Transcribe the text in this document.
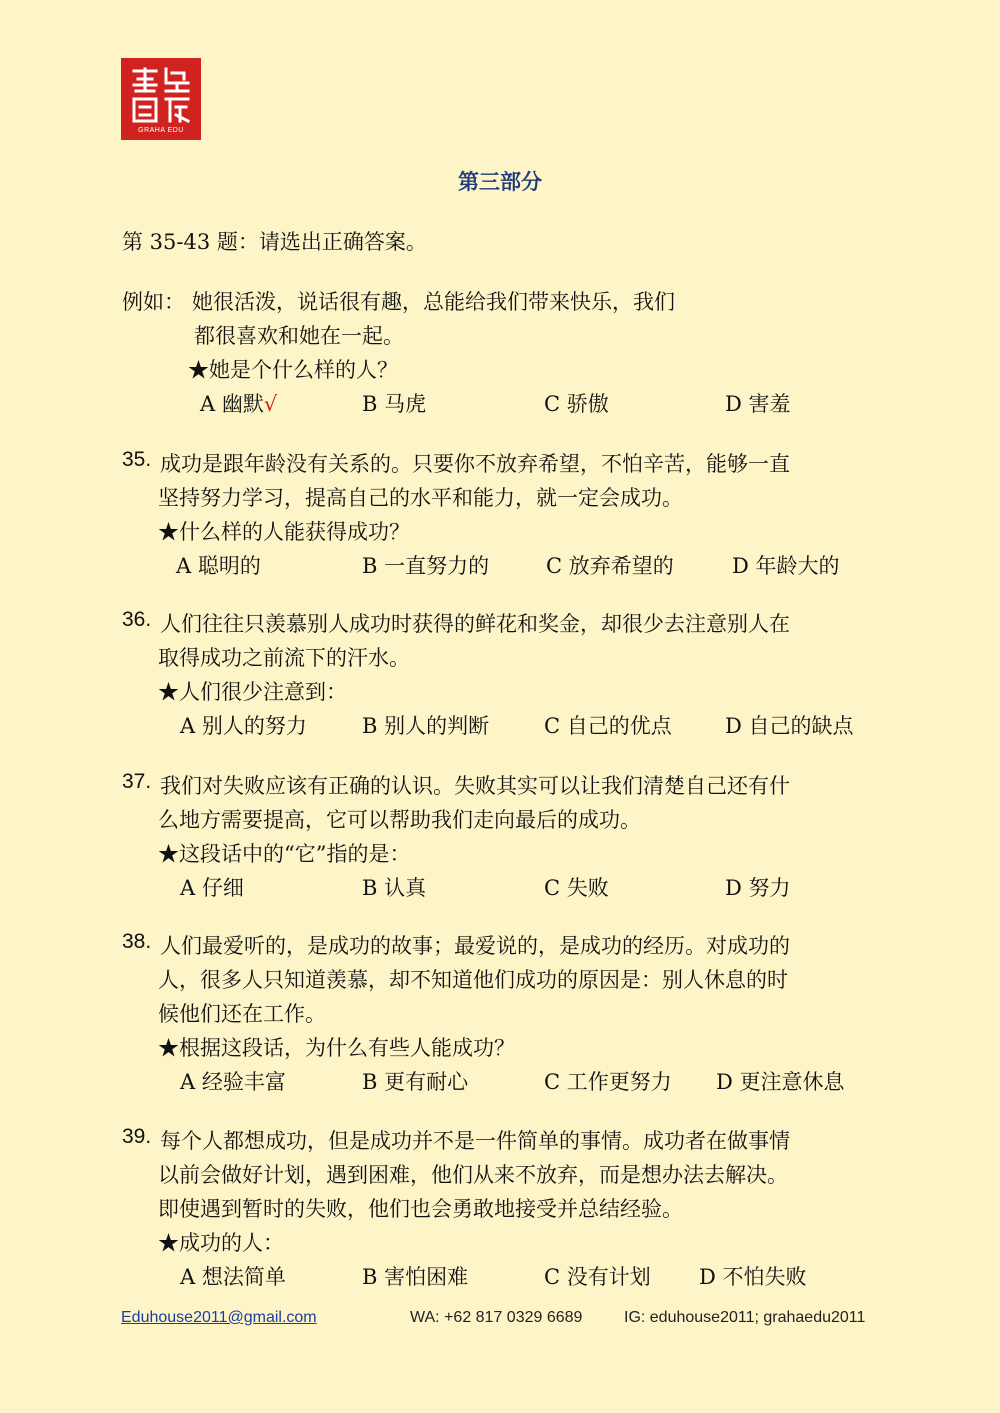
GRAHA EDU
第三部分
第 35-43 题：请选出正确答案。
例如： 她很活泼，说话很有趣，总能给我们带来快乐，我们
都很喜欢和她在一起。
★她是个什么样的人？
A 幽默√	B 马虎	C 骄傲	D 害羞
35. 成功是跟年龄没有关系的。只要你不放弃希望，不怕辛苦，能够一直
坚持努力学习，提高自己的水平和能力，就一定会成功。
★什么样的人能获得成功？
A 聪明的	B 一直努力的	C 放弃希望的	D 年龄大的
36. 人们往往只羡慕别人成功时获得的鲜花和奖金，却很少去注意别人在
取得成功之前流下的汗水。
★人们很少注意到：
A 别人的努力	B 别人的判断	C 自己的优点	D 自己的缺点
37. 我们对失败应该有正确的认识。失败其实可以让我们清楚自己还有什
么地方需要提高，它可以帮助我们走向最后的成功。
★这段话中的“它”指的是：
A 仔细	B 认真	C 失败	D 努力
38. 人们最爱听的，是成功的故事；最爱说的，是成功的经历。对成功的
人，很多人只知道羡慕，却不知道他们成功的原因是：别人休息的时
候他们还在工作。
★根据这段话，为什么有些人能成功？
A 经验丰富	B 更有耐心	C 工作更努力 D 更注意休息
39. 每个人都想成功，但是成功并不是一件简单的事情。成功者在做事情
以前会做好计划，遇到困难，他们从来不放弃，而是想办法去解决。
即使遇到暂时的失败，他们也会勇敢地接受并总结经验。
★成功的人：
A 想法简单	B 害怕困难	C 没有计划 D 不怕失败
Eduhouse2011@gmail.com	WA: +62 817 0329 6689	IG: eduhouse2011; grahaedu2011
